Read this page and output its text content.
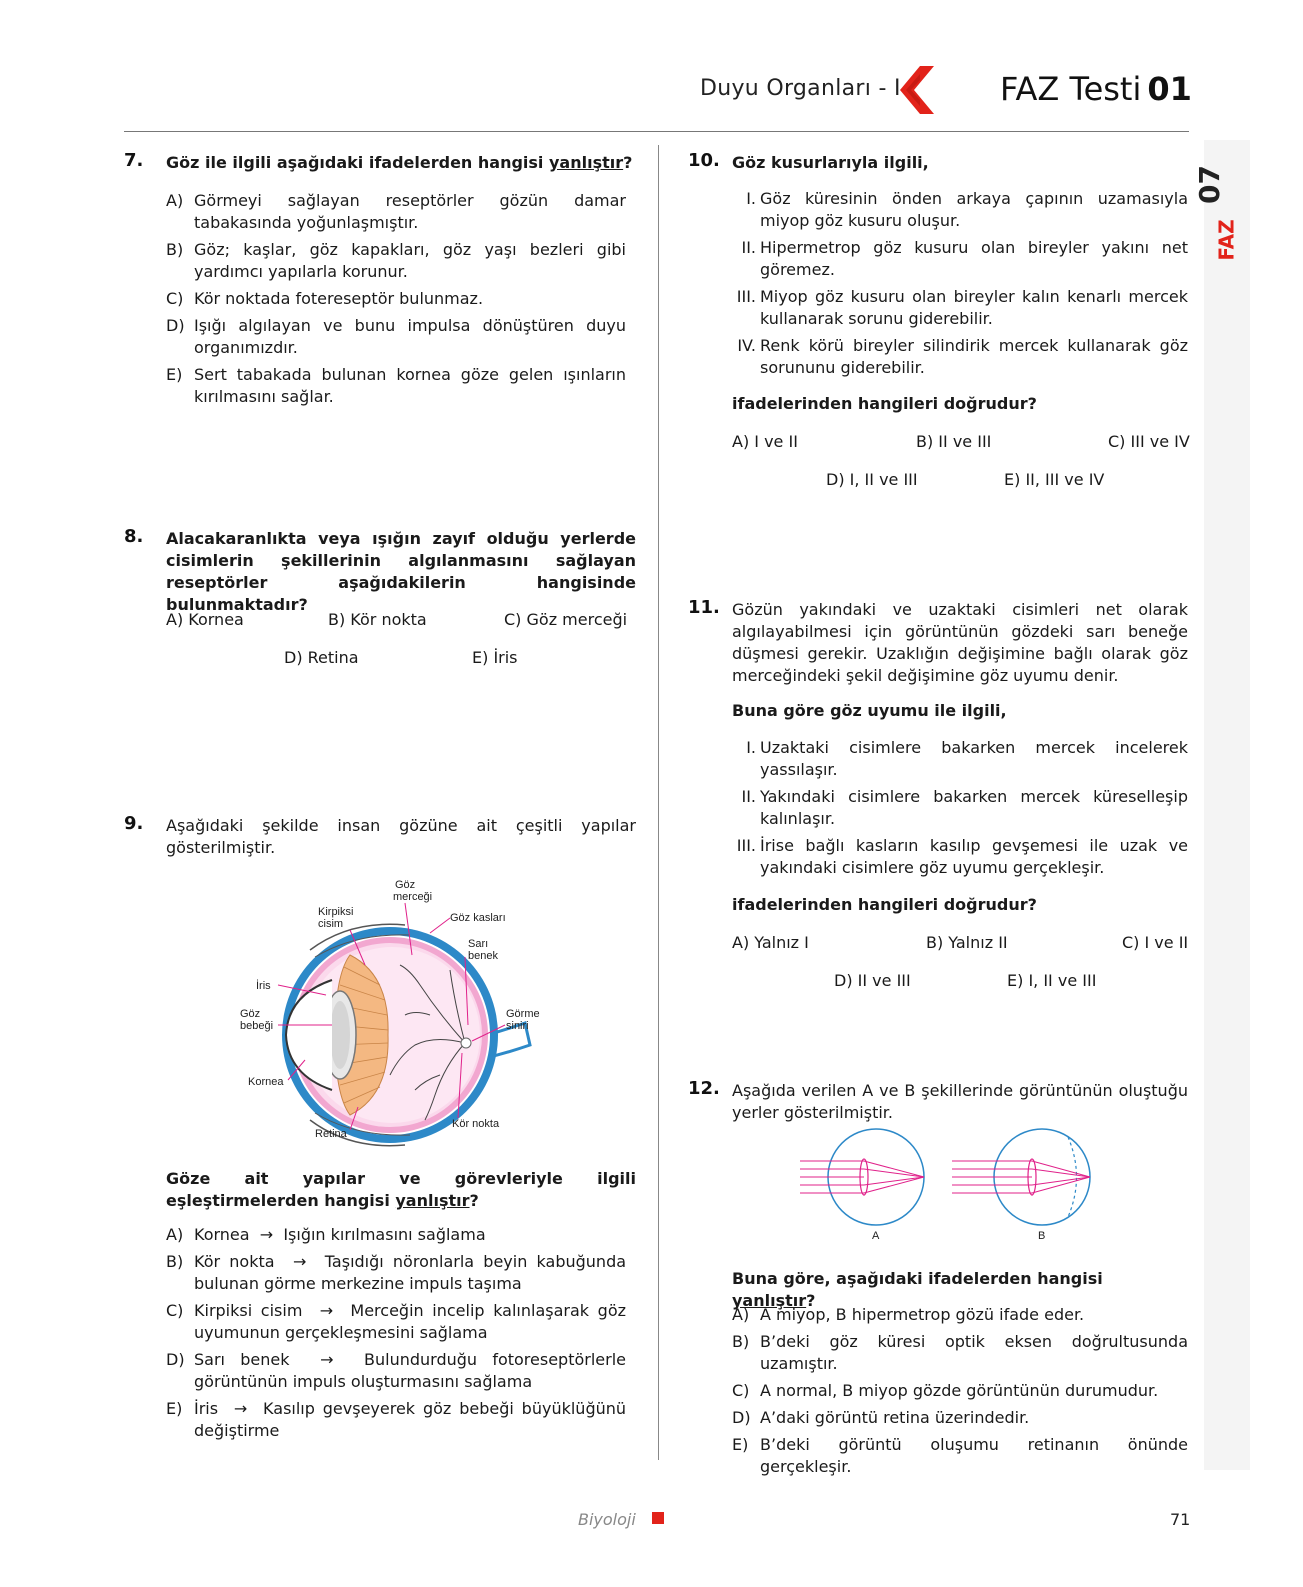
Duyu Organları - I	FAZ Testi 01
07
FAZ
7. Göz ile ilgili aşağıdaki ifadelerden hangisi yanlıştır?
A) Görmeyi sağlayan reseptörler gözün damar tabakasında yoğunlaşmıştır.
B) Göz; kaşlar, göz kapakları, göz yaşı bezleri gibi yardımcı yapılarla korunur.
C) Kör noktada fotereseptör bulunmaz.
D) Işığı algılayan ve bunu impulsa dönüştüren duyu organımızdır.
E) Sert tabakada bulunan kornea göze gelen ışınların kırılmasını sağlar.
8. Alacakaranlıkta veya ışığın zayıf olduğu yerlerde cisimlerin şekillerinin algılanmasını sağlayan reseptörler aşağıdakilerin hangisinde bulunmaktadır?
A) Kornea	B) Kör nokta	C) Göz merceği
D) Retina	E) İris
9. Aşağıdaki şekilde insan gözüne ait çeşitli yapılar gösterilmiştir.
Göz
merceği
Kirpiksi
cisim	Göz kasları
Sarı
benek
İris
Göz
bebeği
Görme
siniri
Kornea
Kör nokta
Retina
Göze ait yapılar ve görevleriyle ilgili eşleştirmelerden hangisi yanlıştır?
A) Kornea → Işığın kırılmasını sağlama
B) Kör nokta → Taşıdığı nöronlarla beyin kabuğunda bulunan görme merkezine impuls taşıma
C) Kirpiksi cisim → Merceğin incelip kalınlaşarak göz uyumunun gerçekleşmesini sağlama
D) Sarı benek → Bulundurduğu fotoreseptörlerle görüntünün impuls oluşturmasını sağlama
E) İris → Kasılıp gevşeyerek göz bebeği büyüklüğünü değiştirme
10. Göz kusurlarıyla ilgili,
I. Göz küresinin önden arkaya çapının uzamasıyla miyop göz kusuru oluşur.
II. Hipermetrop göz kusuru olan bireyler yakını net göremez.
III. Miyop göz kusuru olan bireyler kalın kenarlı mercek kullanarak sorunu giderebilir.
IV. Renk körü bireyler silindirik mercek kullanarak göz sorununu giderebilir.
ifadelerinden hangileri doğrudur?
A) I ve II	B) II ve III	C) III ve IV
D) I, II ve III	E) II, III ve IV
11. Gözün yakındaki ve uzaktaki cisimleri net olarak algılayabilmesi için görüntünün gözdeki sarı beneğe düşmesi gerekir. Uzaklığın değişimine bağlı olarak göz merceğindeki şekil değişimine göz uyumu denir.
Buna göre göz uyumu ile ilgili,
I. Uzaktaki cisimlere bakarken mercek incelerek yassılaşır.
II. Yakındaki cisimlere bakarken mercek küreselleşip kalınlaşır.
III. İrise bağlı kasların kasılıp gevşemesi ile uzak ve yakındaki cisimlere göz uyumu gerçekleşir.
ifadelerinden hangileri doğrudur?
A) Yalnız I	B) Yalnız II	C) I ve II
D) II ve III	E) I, II ve III
12. Aşağıda verilen A ve B şekillerinde görüntünün oluştuğu yerler gösterilmiştir.
A	B
Buna göre, aşağıdaki ifadelerden hangisi yanlıştır?
A) A miyop, B hipermetrop gözü ifade eder.
B) B’deki göz küresi optik eksen doğrultusunda uzamıştır.
C) A normal, B miyop gözde görüntünün durumudur.
D) A’daki görüntü retina üzerindedir.
E) B’deki görüntü oluşumu retinanın önünde gerçekleşir.
Biyoloji	71
